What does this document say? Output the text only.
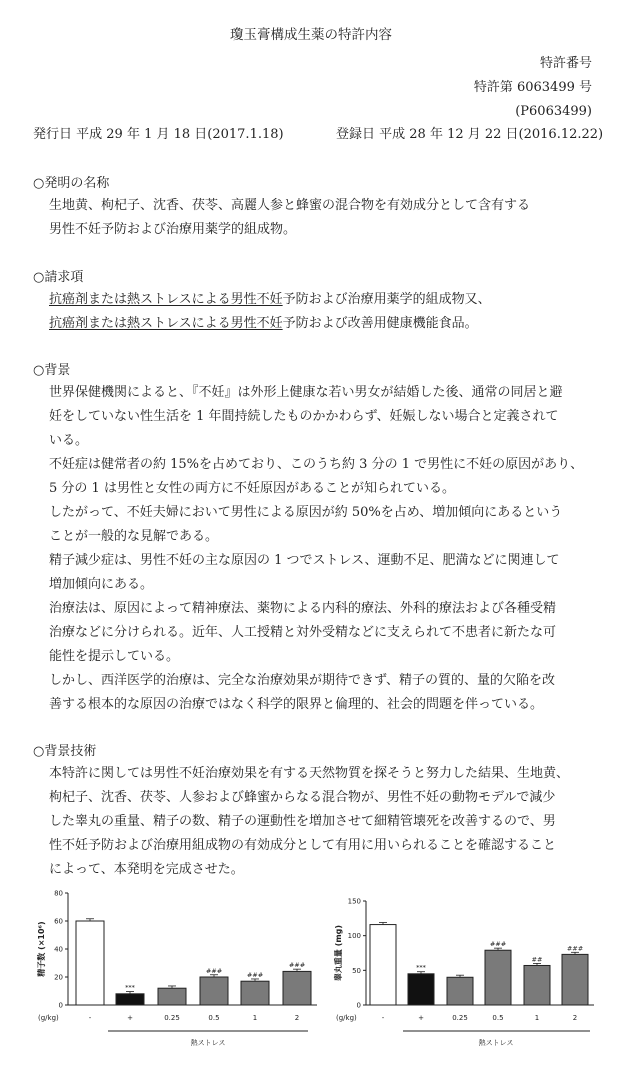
瓊玉膏構成生薬の特許内容
特許番号
特許第 6063499 号
(P6063499)
発行日 平成 29 年 1 月 18 日(2017.1.18)	登録日 平成 28 年 12 月 22 日(2016.12.22)
○発明の名称
生地黄、枸杞子、沈香、茯苓、高麗人参と蜂蜜の混合物を有効成分として含有する
男性不妊予防および治療用薬学的組成物。
○請求項
抗癌剤または熱ストレスによる男性不妊予防および治療用薬学的組成物又、
抗癌剤または熱ストレスによる男性不妊予防および改善用健康機能食品。
○背景
世界保健機関によると、『不妊』は外形上健康な若い男女が結婚した後、通常の同居と避
妊をしていない性生活を 1 年間持続したものかかわらず、妊娠しない場合と定義されて
いる。
不妊症は健常者の約 15%を占めており、このうち約 3 分の 1 で男性に不妊の原因があり、
5 分の 1 は男性と女性の両方に不妊原因があることが知られている。
したがって、不妊夫婦において男性による原因が約 50%を占め、増加傾向にあるという
ことが一般的な見解である。
精子減少症は、男性不妊の主な原因の 1 つでストレス、運動不足、肥満などに関連して
増加傾向にある。
治療法は、原因によって精神療法、薬物による内科的療法、外科的療法および各種受精
治療などに分けられる。近年、人工授精と対外受精などに支えられて不患者に新たな可
能性を提示している。
しかし、西洋医学的治療は、完全な治療効果が期待できず、精子の質的、量的欠陥を改
善する根本的な原因の治療ではなく科学的限界と倫理的、社会的問題を伴っている。
○背景技術
本特許に関しては男性不妊治療効果を有する天然物質を探そうと努力した結果、生地黄、
枸杞子、沈香、茯苓、人参および蜂蜜からなる混合物が、男性不妊の動物モデルで減少
した睾丸の重量、精子の数、精子の運動性を増加させて細精管壊死を改善するので、男
性不妊予防および治療用組成物の有効成分として有用に用いられることを確認すること
によって、本発明を完成させた。
0
20
40
60
80
精子数 (×10⁶)
-
***
+	0.25
###
0.5
###
1
###
2
(g/kg)
熱ストレス
0
50
100
150
睾丸重量 (mg)
-
***
+	0.25
###
0.5
##
1
###
2
(g/kg)
熱ストレス
